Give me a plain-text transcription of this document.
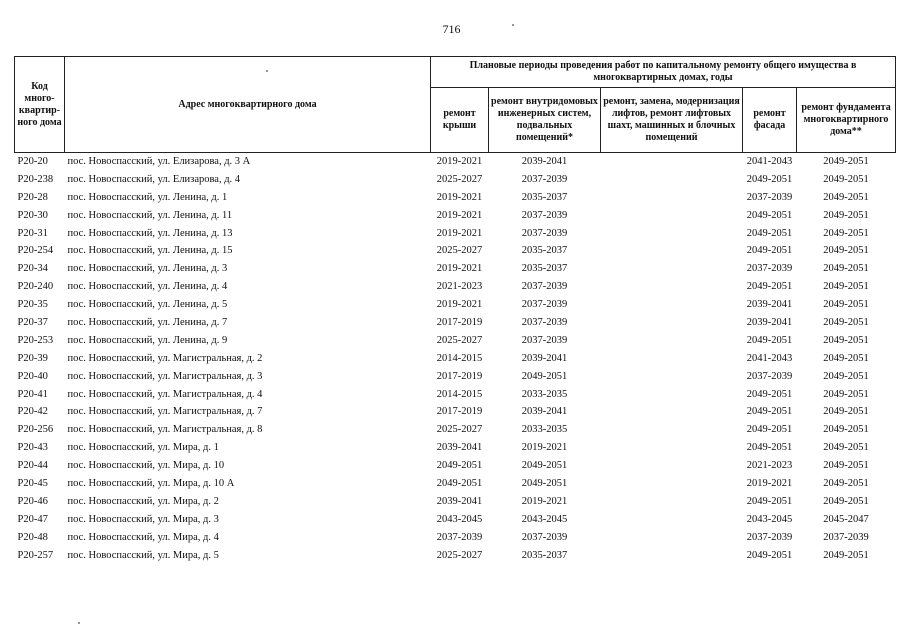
716
Код много-квартир-ного дома	Адрес многоквартирного дома	Плановые периоды проведения работ по капитальному ремонту общего имущества в многоквартирных домах, годы				
		ремонт крыши	ремонт внутридомовых инженерных систем, подвальных помещений*	ремонт, замена, модернизация лифтов, ремонт лифтовых шахт, машинных и блочных помещений	ремонт фасада	ремонт фундамента многоквартирного дома**
P20-20	пос. Новоспасский, ул. Елизарова, д. 3 А	2019-2021	2039-2041		2041-2043	2049-2051
P20-238	пос. Новоспасский, ул. Елизарова, д. 4	2025-2027	2037-2039		2049-2051	2049-2051
P20-28	пос. Новоспасский, ул. Ленина, д. 1	2019-2021	2035-2037		2037-2039	2049-2051
P20-30	пос. Новоспасский, ул. Ленина, д. 11	2019-2021	2037-2039		2049-2051	2049-2051
P20-31	пос. Новоспасский, ул. Ленина, д. 13	2019-2021	2037-2039		2049-2051	2049-2051
P20-254	пос. Новоспасский, ул. Ленина, д. 15	2025-2027	2035-2037		2049-2051	2049-2051
P20-34	пос. Новоспасский, ул. Ленина, д. 3	2019-2021	2035-2037		2037-2039	2049-2051
P20-240	пос. Новоспасский, ул. Ленина, д. 4	2021-2023	2037-2039		2049-2051	2049-2051
P20-35	пос. Новоспасский, ул. Ленина, д. 5	2019-2021	2037-2039		2039-2041	2049-2051
P20-37	пос. Новоспасский, ул. Ленина, д. 7	2017-2019	2037-2039		2039-2041	2049-2051
P20-253	пос. Новоспасский, ул. Ленина, д. 9	2025-2027	2037-2039		2049-2051	2049-2051
P20-39	пос. Новоспасский, ул. Магистральная, д. 2	2014-2015	2039-2041		2041-2043	2049-2051
P20-40	пос. Новоспасский, ул. Магистральная, д. 3	2017-2019	2049-2051		2037-2039	2049-2051
P20-41	пос. Новоспасский, ул. Магистральная, д. 4	2014-2015	2033-2035		2049-2051	2049-2051
P20-42	пос. Новоспасский, ул. Магистральная, д. 7	2017-2019	2039-2041		2049-2051	2049-2051
P20-256	пос. Новоспасский, ул. Магистральная, д. 8	2025-2027	2033-2035		2049-2051	2049-2051
P20-43	пос. Новоспасский, ул. Мира, д. 1	2039-2041	2019-2021		2049-2051	2049-2051
P20-44	пос. Новоспасский, ул. Мира, д. 10	2049-2051	2049-2051		2021-2023	2049-2051
P20-45	пос. Новоспасский, ул. Мира, д. 10 А	2049-2051	2049-2051		2019-2021	2049-2051
P20-46	пос. Новоспасский, ул. Мира, д. 2	2039-2041	2019-2021		2049-2051	2049-2051
P20-47	пос. Новоспасский, ул. Мира, д. 3	2043-2045	2043-2045		2043-2045	2045-2047
P20-48	пос. Новоспасский, ул. Мира, д. 4	2037-2039	2037-2039		2037-2039	2037-2039
P20-257	пос. Новоспасский, ул. Мира, д. 5	2025-2027	2035-2037		2049-2051	2049-2051
